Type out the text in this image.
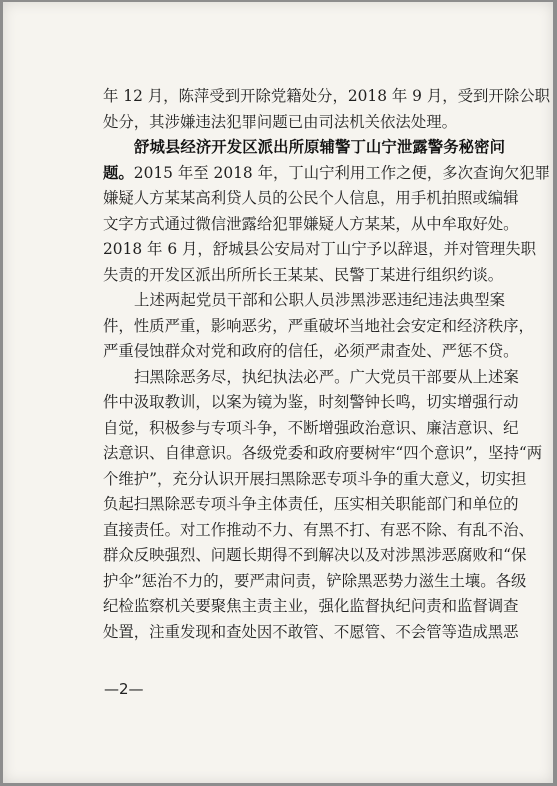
年 12 月，陈萍受到开除党籍处分，2018 年 9 月，受到开除公职
处分，其涉嫌违法犯罪问题已由司法机关依法处理。
舒城县经济开发区派出所原辅警丁山宁泄露警务秘密问
题。2015 年至 2018 年，丁山宁利用工作之便，多次查询欠犯罪
嫌疑人方某某高利贷人员的公民个人信息，用手机拍照或编辑
文字方式通过微信泄露给犯罪嫌疑人方某某，从中牟取好处。
2018 年 6 月，舒城县公安局对丁山宁予以辞退，并对管理失职
失责的开发区派出所所长王某某、民警丁某进行组织约谈。
上述两起党员干部和公职人员涉黑涉恶违纪违法典型案
件，性质严重，影响恶劣，严重破坏当地社会安定和经济秩序，
严重侵蚀群众对党和政府的信任，必须严肃查处、严惩不贷。
扫黑除恶务尽，执纪执法必严。广大党员干部要从上述案
件中汲取教训，以案为镜为鉴，时刻警钟长鸣，切实增强行动
自觉，积极参与专项斗争，不断增强政治意识、廉洁意识、纪
法意识、自律意识。各级党委和政府要树牢“四个意识”，坚持“两
个维护”，充分认识开展扫黑除恶专项斗争的重大意义，切实担
负起扫黑除恶专项斗争主体责任，压实相关职能部门和单位的
直接责任。对工作推动不力、有黑不打、有恶不除、有乱不治、
群众反映强烈、问题长期得不到解决以及对涉黑涉恶腐败和“保
护伞”惩治不力的，要严肃问责，铲除黑恶势力滋生土壤。各级
纪检监察机关要聚焦主责主业，强化监督执纪问责和监督调查
处置，注重发现和查处因不敢管、不愿管、不会管等造成黑恶
—2—
